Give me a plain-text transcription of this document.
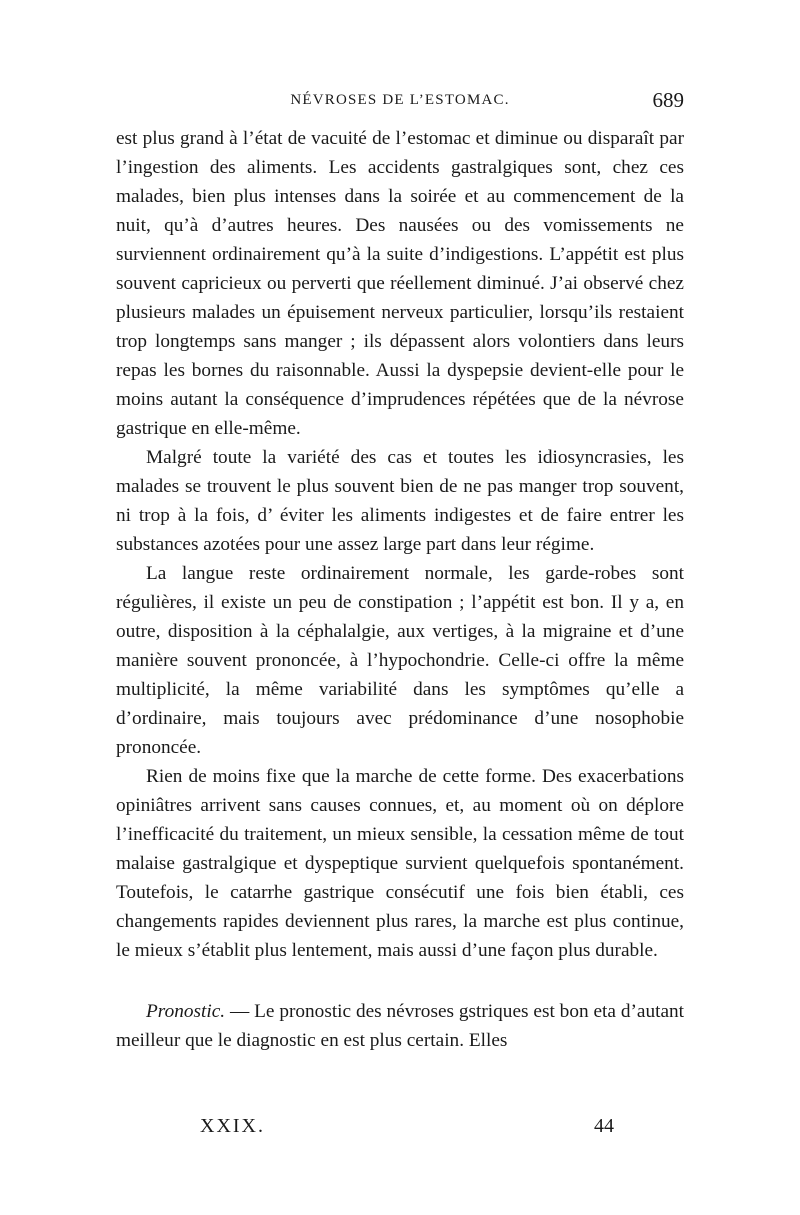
NÉVROSES DE L’ESTOMAC.	689

est plus grand à l’état de vacuité de l’estomac et diminue ou disparaît par l’ingestion des aliments. Les accidents gastralgiques sont, chez ces malades, bien plus intenses dans la soirée et au commencement de la nuit, qu’à d’autres heures. Des nausées ou des vomissements ne surviennent ordinairement qu’à la suite d’indigestions. L’appétit est plus souvent capricieux ou perverti que réellement diminué. J’ai observé chez plusieurs malades un épuisement nerveux particulier, lorsqu’ils restaient trop longtemps sans manger ; ils dépassent alors volontiers dans leurs repas les bornes du raisonnable. Aussi la dyspepsie devient-elle pour le moins autant la conséquence d’imprudences répétées que de la névrose gastrique en elle-même.

Malgré toute la variété des cas et toutes les idiosyncrasies, les malades se trouvent le plus souvent bien de ne pas manger trop souvent, ni trop à la fois, d’ éviter les aliments indigestes et de faire entrer les substances azotées pour une assez large part dans leur régime.

La langue reste ordinairement normale, les garde-robes sont régulières, il existe un peu de constipation ; l’appétit est bon. Il y a, en outre, disposition à la céphalalgie, aux vertiges, à la migraine et d’une manière souvent prononcée, à l’hypochondrie. Celle-ci offre la même multiplicité, la même variabilité dans les symptômes qu’elle a d’ordinaire, mais toujours avec prédominance d’une nosophobie prononcée.

Rien de moins fixe que la marche de cette forme. Des exacerbations opiniâtres arrivent sans causes connues, et, au moment où on déplore l’inefficacité du traitement, un mieux sensible, la cessation même de tout malaise gastralgique et dyspeptique survient quelquefois spontanément. Toutefois, le catarrhe gastrique consécutif une fois bien établi, ces changements rapides deviennent plus rares, la marche est plus continue, le mieux s’établit plus lentement, mais aussi d’une façon plus durable.

Pronostic. — Le pronostic des névroses gstriques est bon eta d’autant meilleur que le diagnostic en est plus certain. Elles

XXIX.	44
